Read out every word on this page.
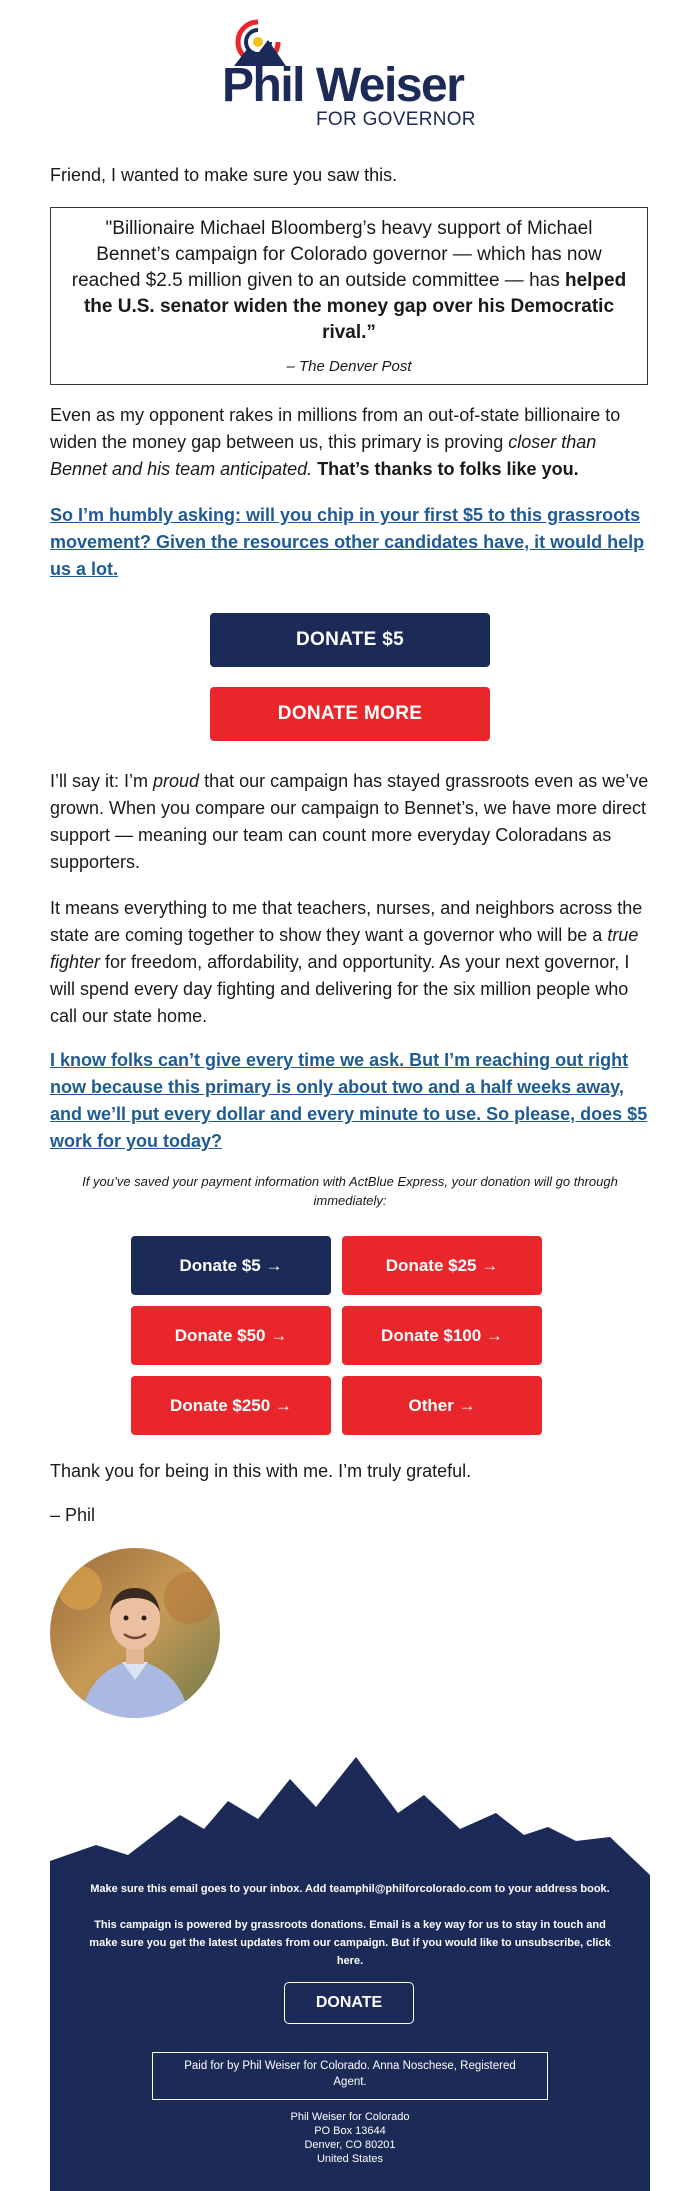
Phil Weiser
FOR GOVERNOR
Friend, I wanted to make sure you saw this.
"Billionaire Michael Bloomberg’s heavy support of Michael Bennet’s campaign for Colorado governor — which has now reached $2.5 million given to an outside committee — has helped the U.S. senator widen the money gap over his Democratic rival.”
– The Denver Post
Even as my opponent rakes in millions from an out-of-state billionaire to widen the money gap between us, this primary is proving closer than Bennet and his team anticipated. That’s thanks to folks like you.
So I’m humbly asking: will you chip in your first $5 to this grassroots movement? Given the resources other candidates have, it would help us a lot.
DONATE $5
DONATE MORE
I’ll say it: I’m proud that our campaign has stayed grassroots even as we’ve grown. When you compare our campaign to Bennet’s, we have more direct support — meaning our team can count more everyday Coloradans as supporters.
It means everything to me that teachers, nurses, and neighbors across the state are coming together to show they want a governor who will be a true fighter for freedom, affordability, and opportunity. As your next governor, I will spend every day fighting and delivering for the six million people who call our state home.
I know folks can’t give every time we ask. But I’m reaching out right now because this primary is only about two and a half weeks away, and we’ll put every dollar and every minute to use. So please, does $5 work for you today?
If you’ve saved your payment information with ActBlue Express, your donation will go through immediately:
Donate $5 →	Donate $25 →
Donate $50 →	Donate $100 →
Donate $250 →	Other →
Thank you for being in this with me. I’m truly grateful.
– Phil
Make sure this email goes to your inbox. Add teamphil@philforcolorado.com to your address book.
This campaign is powered by grassroots donations. Email is a key way for us to stay in touch and make sure you get the latest updates from our campaign. But if you would like to unsubscribe, click here.
DONATE
Paid for by Phil Weiser for Colorado. Anna Noschese, Registered Agent.
Phil Weiser for Colorado
PO Box 13644
Denver, CO 80201
United States
